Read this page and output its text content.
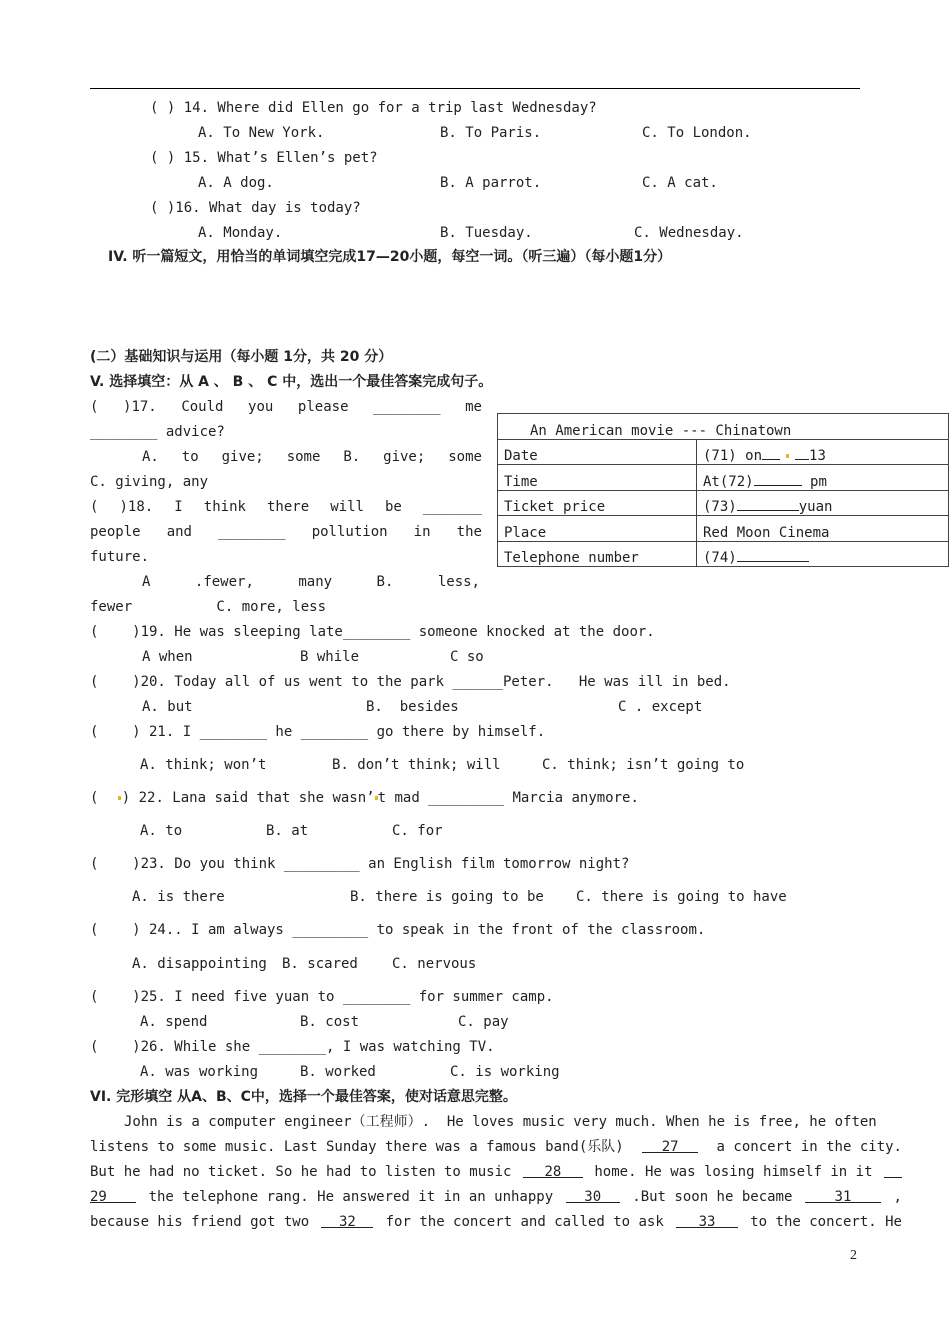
( ) 14. Where did Ellen go for a trip last Wednesday?
A. To New York.	B. To Paris.	C. To London.
( ) 15. What’s Ellen’s pet?
A. A dog.	B. A parrot.	C. A cat.
( )16. What day is today?
A. Monday.	B. Tuesday.	C. Wednesday.
IV. 听一篇短文，用恰当的单词填空完成17—20小题，每空一词。（听三遍）（每小题1分）
(二）基础知识与运用（每小题 1分，共 20 分）
V. 选择填空：从 A 、 B 、 C 中，选出一个最佳答案完成句子。
( )17. Could you please ________ me
________ advice?
A. to give; some B. give; some
C. giving, any
( )18. I think there will be _______
people and ________ pollution in the
future.
A	.fewer,	many	B.	less,
fewer          C. more, less
An American movie --- Chinatown	
Date	(71) on 13
Time	At(72) pm
Ticket price	(73) yuan
Place	Red Moon Cinema
Telephone number	(74)
(    )19. He was sleeping late________ someone knocked at the door.
A when	B while	C so
(    )20. Today all of us went to the park ______Peter.   He was ill in bed.
A. but	B.  besides	C . except
(    ) 21. I ________ he ________ go there by himself.
A. think; won’t	B. don’t think; will	C. think; isn’t going to
( ) 22. Lana said that she wasn’ t mad _________ Marcia anymore.
A. to	B. at	C. for
(    )23. Do you think _________ an English film tomorrow night?
A. is there	B. there is going to be C. there is going to have
(    ) 24.. I am always _________ to speak in the front of the classroom.
A. disappointing B. scared C. nervous
(    )25. I need five yuan to ________ for summer camp.
A. spend	B. cost	C. pay
(    )26. While she ________, I was watching TV.
A. was working	B. worked	C. is working
VI. 完形填空 从A、B、C中，选择一个最佳答案，使对话意思完整。
John is a computer engineer（工程师）.  He loves music very much. When he is free, he often
listens to some music. Last Sunday there was a famous band(乐队)	27	a concert in the city.
But he had no ticket. So he had to listen to music	28	home. He was losing himself in it
29	the telephone rang. He answered it in an unhappy	30	.But soon he became	31	,
because his friend got two	32	for the concert and called to ask	33	to the concert. He
2
